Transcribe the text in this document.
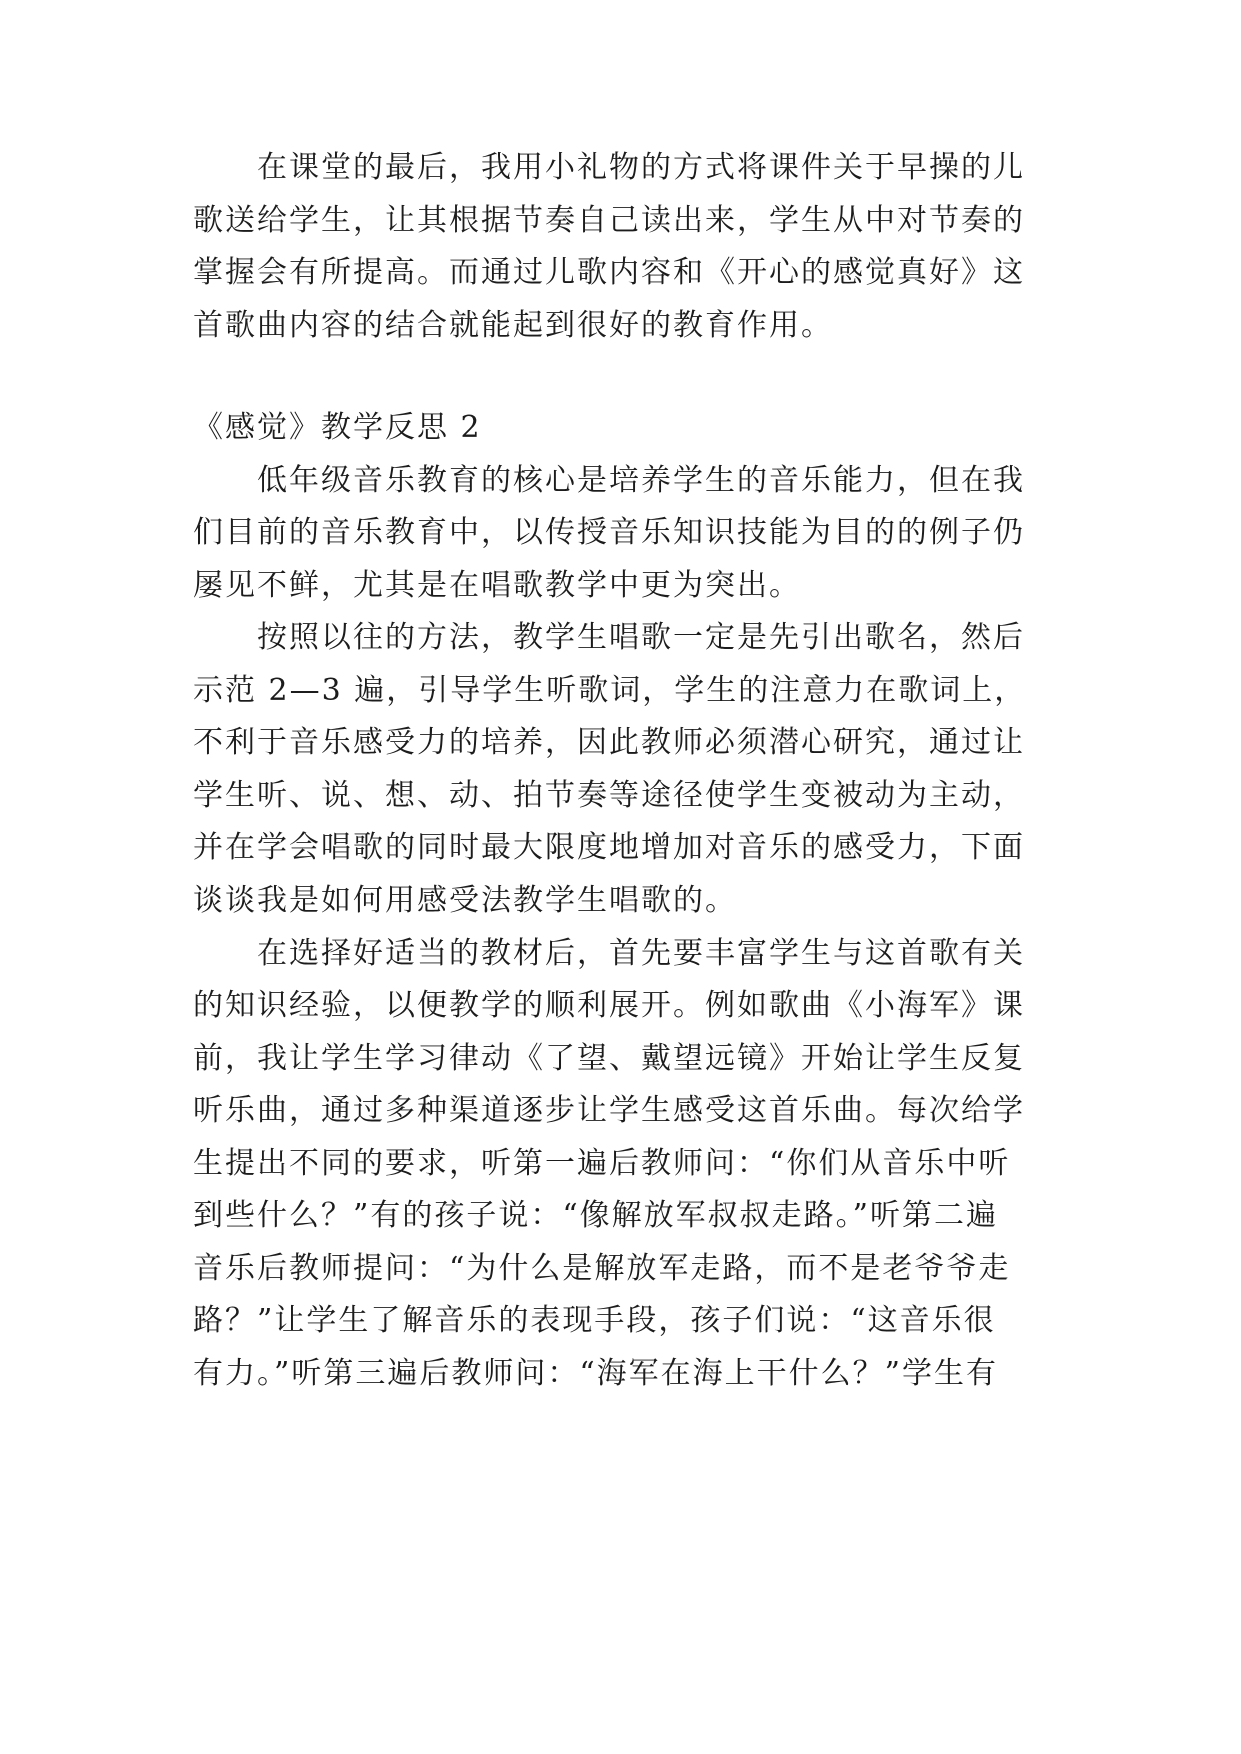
在课堂的最后，我用小礼物的方式将课件关于早操的儿
歌送给学生，让其根据节奏自己读出来，学生从中对节奏的
掌握会有所提高。而通过儿歌内容和《开心的感觉真好》这
首歌曲内容的结合就能起到很好的教育作用。
《感觉》教学反思 2
低年级音乐教育的核心是培养学生的音乐能力，但在我
们目前的音乐教育中，以传授音乐知识技能为目的的例子仍
屡见不鲜，尤其是在唱歌教学中更为突出。
按照以往的方法，教学生唱歌一定是先引出歌名，然后
示范 2—3 遍，引导学生听歌词，学生的注意力在歌词上，
不利于音乐感受力的培养，因此教师必须潜心研究，通过让
学生听、说、想、动、拍节奏等途径使学生变被动为主动，
并在学会唱歌的同时最大限度地增加对音乐的感受力，下面
谈谈我是如何用感受法教学生唱歌的。
在选择好适当的教材后，首先要丰富学生与这首歌有关
的知识经验，以便教学的顺利展开。例如歌曲《小海军》课
前，我让学生学习律动《了望、戴望远镜》开始让学生反复
听乐曲，通过多种渠道逐步让学生感受这首乐曲。每次给学
生提出不同的要求，听第一遍后教师问：“你们从音乐中听
到些什么？”有的孩子说：“像解放军叔叔走路。”听第二遍
音乐后教师提问：“为什么是解放军走路，而不是老爷爷走
路？”让学生了解音乐的表现手段，孩子们说：“这音乐很
有力。”听第三遍后教师问：“海军在海上干什么？”学生有
